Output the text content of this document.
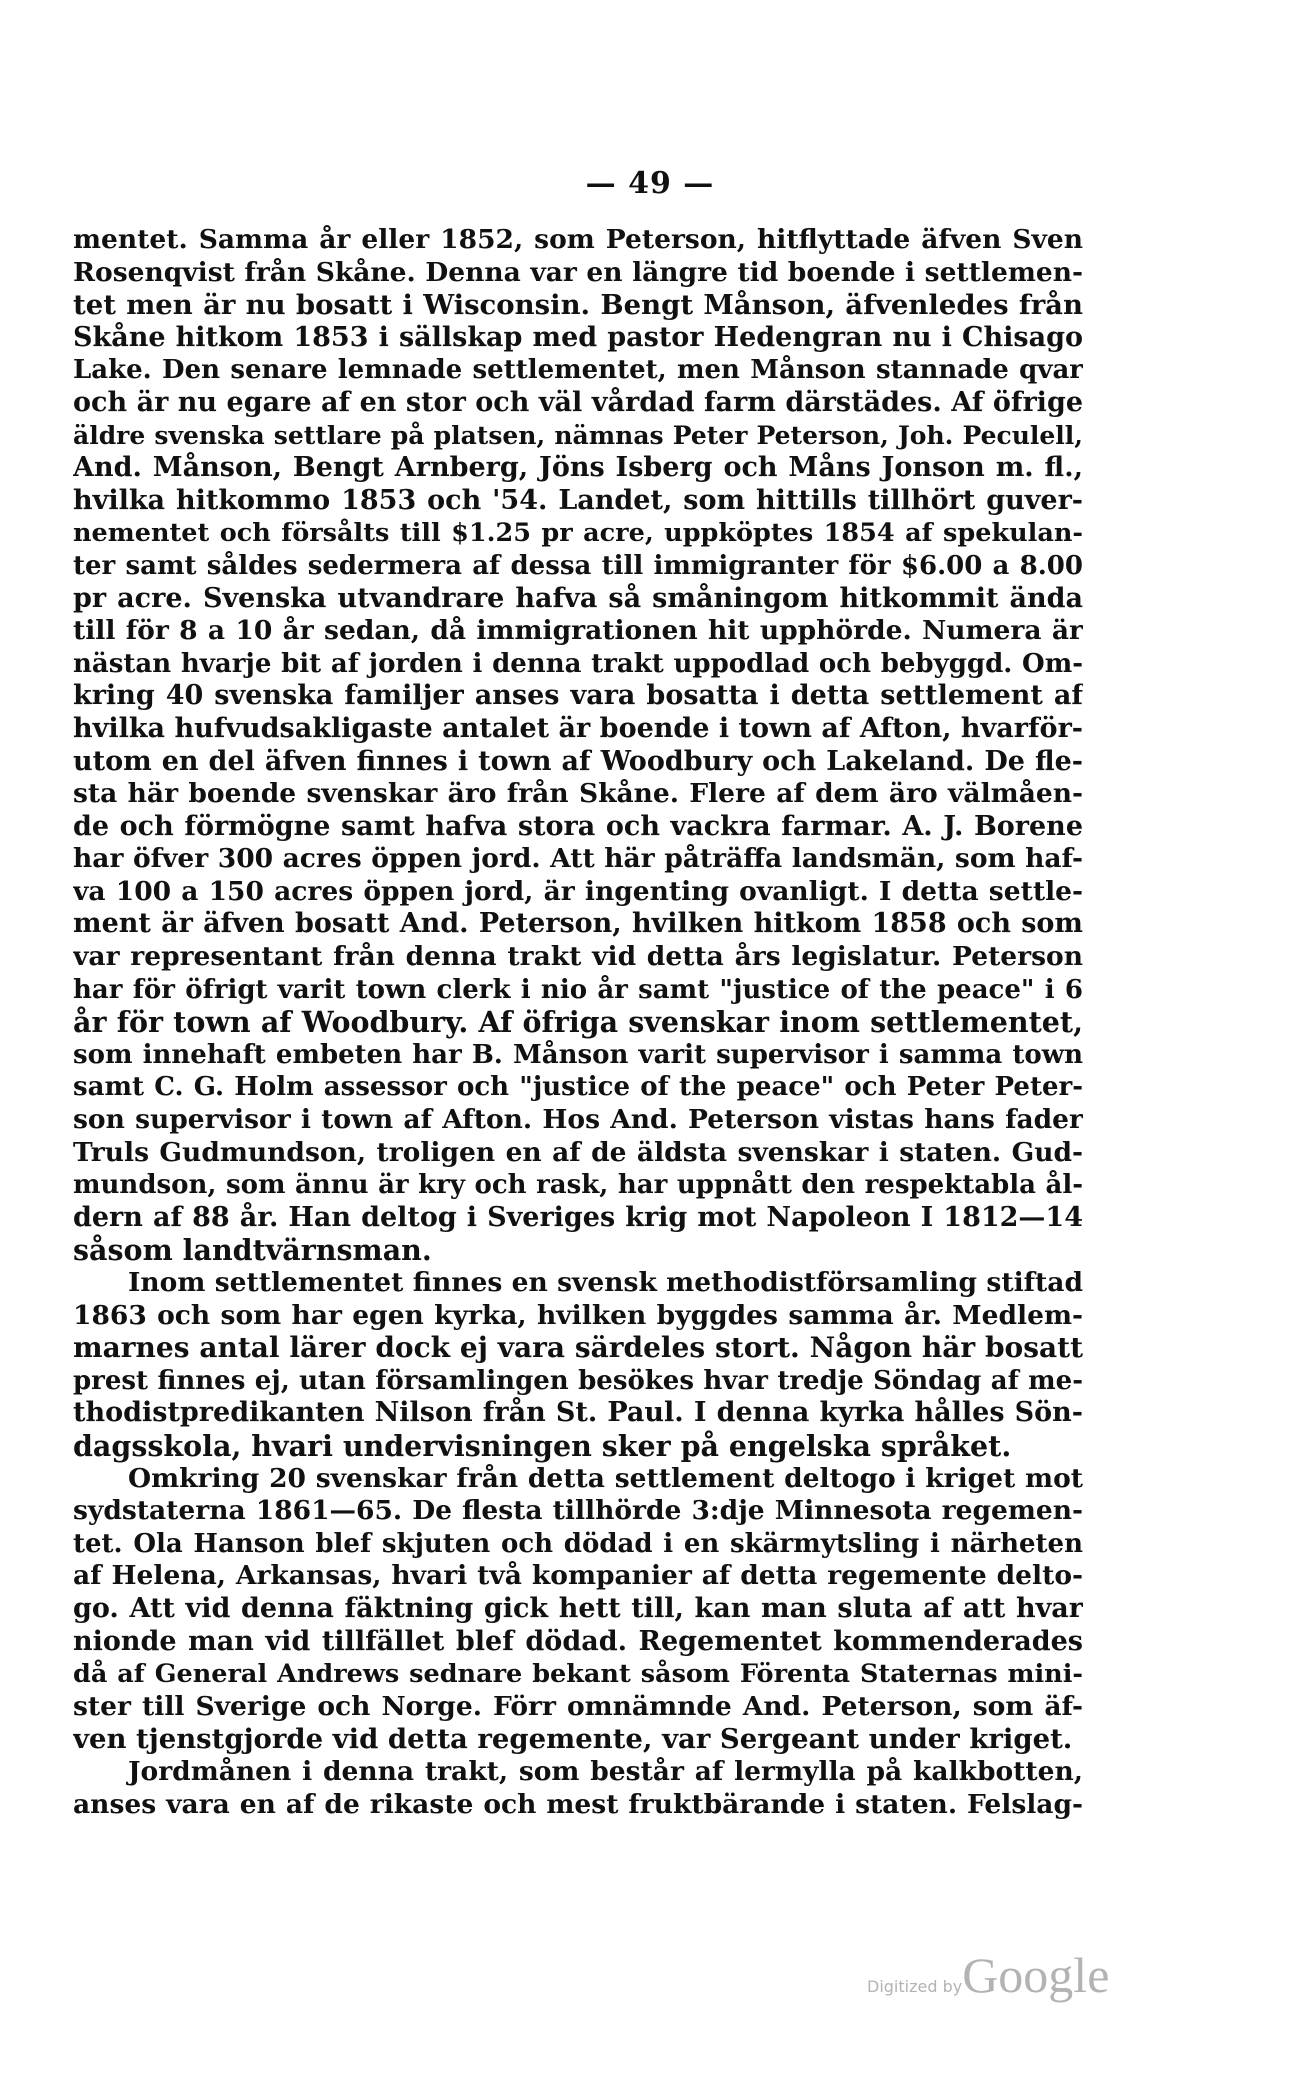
— 49 —
mentet. Samma år eller 1852, som Peterson, hitflyttade äfven Sven
Rosenqvist från Skåne. Denna var en längre tid boende i settlemen-
tet men är nu bosatt i Wisconsin. Bengt Månson, äfvenledes från
Skåne hitkom 1853 i sällskap med pastor Hedengran nu i Chisago
Lake. Den senare lemnade settlementet, men Månson stannade qvar
och är nu egare af en stor och väl vårdad farm därstädes. Af öfrige
äldre svenska settlare på platsen, nämnas Peter Peterson, Joh. Peculell,
And. Månson, Bengt Arnberg, Jöns Isberg och Måns Jonson m. fl.,
hvilka hitkommo 1853 och '54. Landet, som hittills tillhört guver-
nementet och försålts till $1.25 pr acre, uppköptes 1854 af spekulan-
ter samt såldes sedermera af dessa till immigranter för $6.00 a 8.00
pr acre. Svenska utvandrare hafva så småningom hitkommit ända
till för 8 a 10 år sedan, då immigrationen hit upphörde. Numera är
nästan hvarje bit af jorden i denna trakt uppodlad och bebyggd. Om-
kring 40 svenska familjer anses vara bosatta i detta settlement af
hvilka hufvudsakligaste antalet är boende i town af Afton, hvarför-
utom en del äfven finnes i town af Woodbury och Lakeland. De fle-
sta här boende svenskar äro från Skåne. Flere af dem äro välmåen-
de och förmögne samt hafva stora och vackra farmar. A. J. Borene
har öfver 300 acres öppen jord. Att här påträffa landsmän, som haf-
va 100 a 150 acres öppen jord, är ingenting ovanligt. I detta settle-
ment är äfven bosatt And. Peterson, hvilken hitkom 1858 och som
var representant från denna trakt vid detta års legislatur. Peterson
har för öfrigt varit town clerk i nio år samt "justice of the peace" i 6
år för town af Woodbury. Af öfriga svenskar inom settlementet,
som innehaft embeten har B. Månson varit supervisor i samma town
samt C. G. Holm assessor och "justice of the peace" och Peter Peter-
son supervisor i town af Afton. Hos And. Peterson vistas hans fader
Truls Gudmundson, troligen en af de äldsta svenskar i staten. Gud-
mundson, som ännu är kry och rask, har uppnått den respektabla ål-
dern af 88 år. Han deltog i Sveriges krig mot Napoleon I 1812—14
såsom landtvärnsman.
Inom settlementet finnes en svensk methodistförsamling stiftad
1863 och som har egen kyrka, hvilken byggdes samma år. Medlem-
marnes antal lärer dock ej vara särdeles stort. Någon här bosatt
prest finnes ej, utan församlingen besökes hvar tredje Söndag af me-
thodistpredikanten Nilson från St. Paul. I denna kyrka hålles Sön-
dagsskola, hvari undervisningen sker på engelska språket.
Omkring 20 svenskar från detta settlement deltogo i kriget mot
sydstaterna 1861—65. De flesta tillhörde 3:dje Minnesota regemen-
tet. Ola Hanson blef skjuten och dödad i en skärmytsling i närheten
af Helena, Arkansas, hvari två kompanier af detta regemente delto-
go. Att vid denna fäktning gick hett till, kan man sluta af att hvar
nionde man vid tillfället blef dödad. Regementet kommenderades
då af General Andrews sednare bekant såsom Förenta Staternas mini-
ster till Sverige och Norge. Förr omnämnde And. Peterson, som äf-
ven tjenstgjorde vid detta regemente, var Sergeant under kriget.
Jordmånen i denna trakt, som består af lermylla på kalkbotten,
anses vara en af de rikaste och mest fruktbärande i staten. Felslag-
Digitized byGoogle
